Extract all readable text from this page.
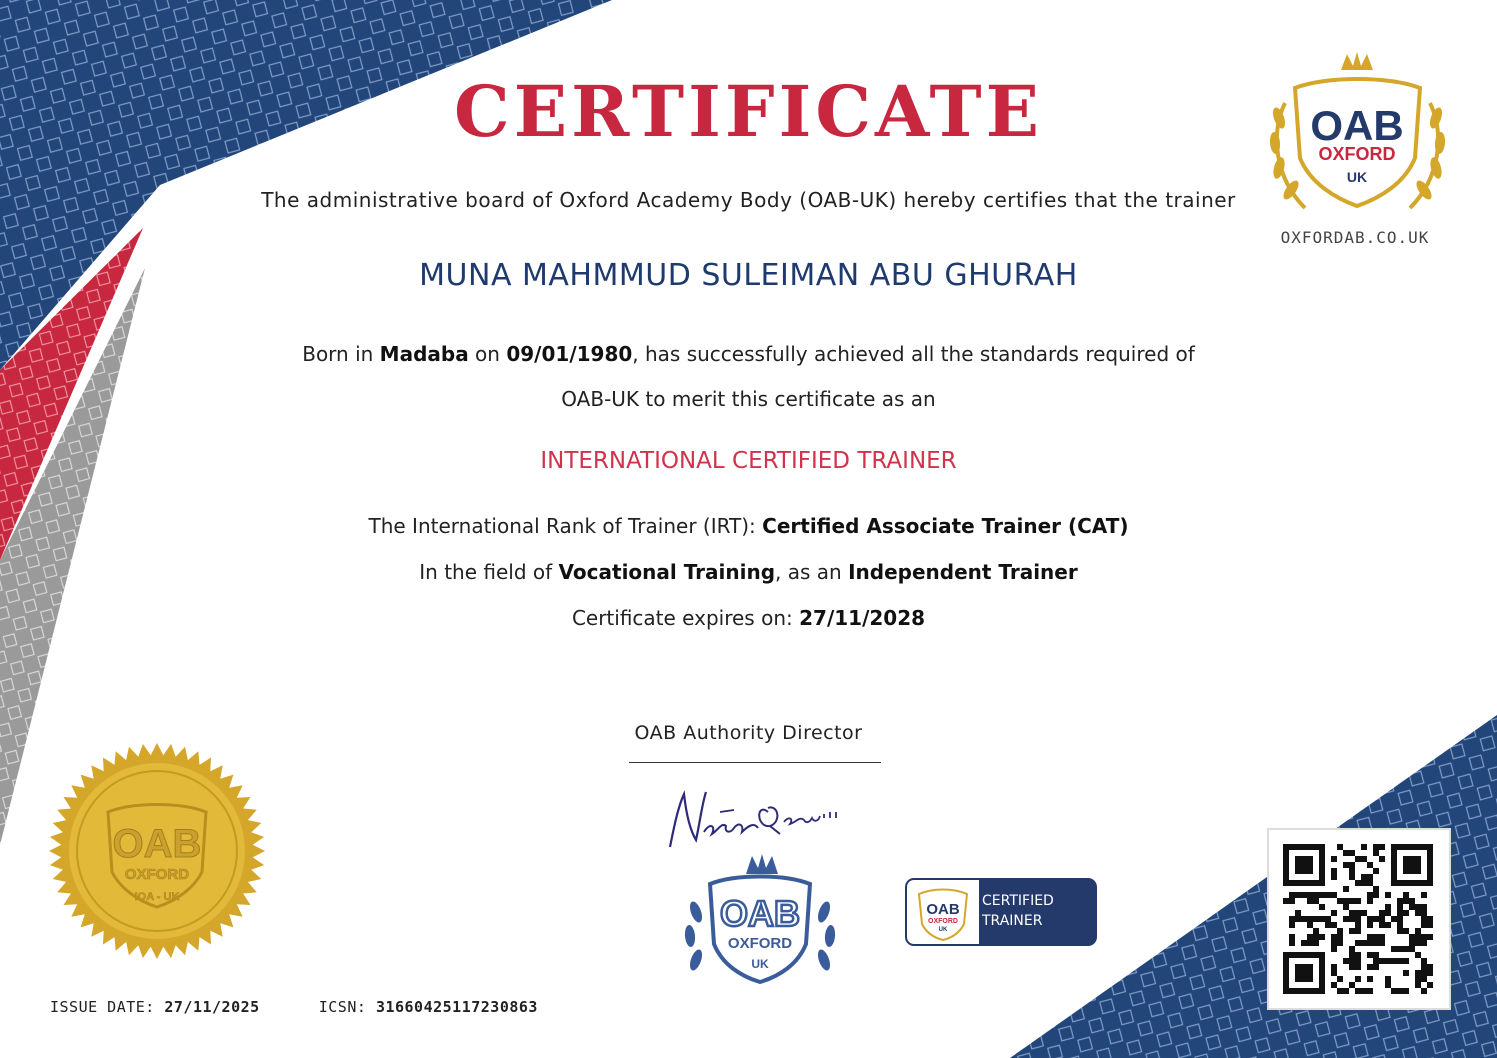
CERTIFICATE
The administrative board of Oxford Academy Body (OAB-UK) hereby certifies that the trainer
MUNA MAHMMUD SULEIMAN ABU GHURAH
Born in Madaba on 09/01/1980, has successfully achieved all the standards required of
OAB-UK to merit this certificate as an
INTERNATIONAL CERTIFIED TRAINER
The International Rank of Trainer (IRT): Certified Associate Trainer (CAT)
In the field of Vocational Training, as an Independent Trainer
Certificate expires on: 27/11/2028
OAB Authority Director
OAB
OXFORD
UK
OXFORDAB.CO.UK
OAB
OXFORD
IOA - UK	OAB
OXFORD
UK
OAB
OXFORD
UK
CERTIFIED
TRAINER
ISSUE DATE: 27/11/2025	ICSN: 31660425117230863
